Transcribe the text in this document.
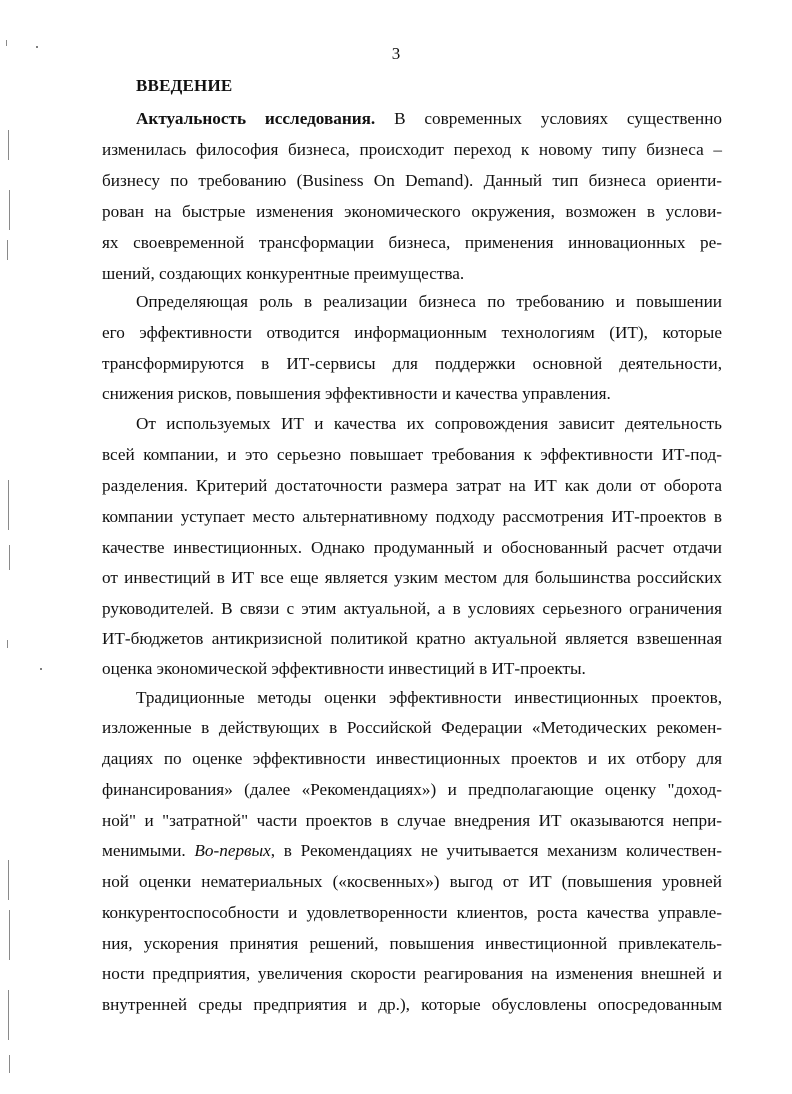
3
ВВЕДЕНИЕ
Актуальность исследования. В современных условиях существенно
изменилась философия бизнеса, происходит переход к новому типу бизнеса –
бизнесу по требованию (Business On Demand). Данный тип бизнеса ориенти-
рован на быстрые изменения экономического окружения, возможен в услови-
ях своевременной трансформации бизнеса, применения инновационных ре-
шений, создающих конкурентные преимущества.
Определяющая роль в реализации бизнеса по требованию и повышении
его эффективности отводится информационным технологиям (ИТ), которые
трансформируются в ИТ-сервисы для поддержки основной деятельности,
снижения рисков, повышения эффективности и качества управления.
От используемых ИТ и качества их сопровождения зависит деятельность
всей компании, и это серьезно повышает требования к эффективности ИТ-под-
разделения. Критерий достаточности размера затрат на ИТ как доли от оборота
компании уступает место альтернативному подходу рассмотрения ИТ-проектов в
качестве инвестиционных. Однако продуманный и обоснованный расчет отдачи
от инвестиций в ИТ все еще является узким местом для большинства российских
руководителей. В связи с этим актуальной, а в условиях серьезного ограничения
ИТ-бюджетов антикризисной политикой кратно актуальной является взвешенная
оценка экономической эффективности инвестиций в ИТ-проекты.
Традиционные методы оценки эффективности инвестиционных проектов,
изложенные в действующих в Российской Федерации «Методических рекомен-
дациях по оценке эффективности инвестиционных проектов и их отбору для
финансирования» (далее «Рекомендациях») и предполагающие оценку "доход-
ной" и "затратной" части проектов в случае внедрения ИТ оказываются непри-
менимыми. Во-первых, в Рекомендациях не учитывается механизм количествен-
ной оценки нематериальных («косвенных») выгод от ИТ (повышения уровней
конкурентоспособности и удовлетворенности клиентов, роста качества управле-
ния, ускорения принятия решений, повышения инвестиционной привлекатель-
ности предприятия, увеличения скорости реагирования на изменения внешней и
внутренней среды предприятия и др.), которые обусловлены опосредованным
